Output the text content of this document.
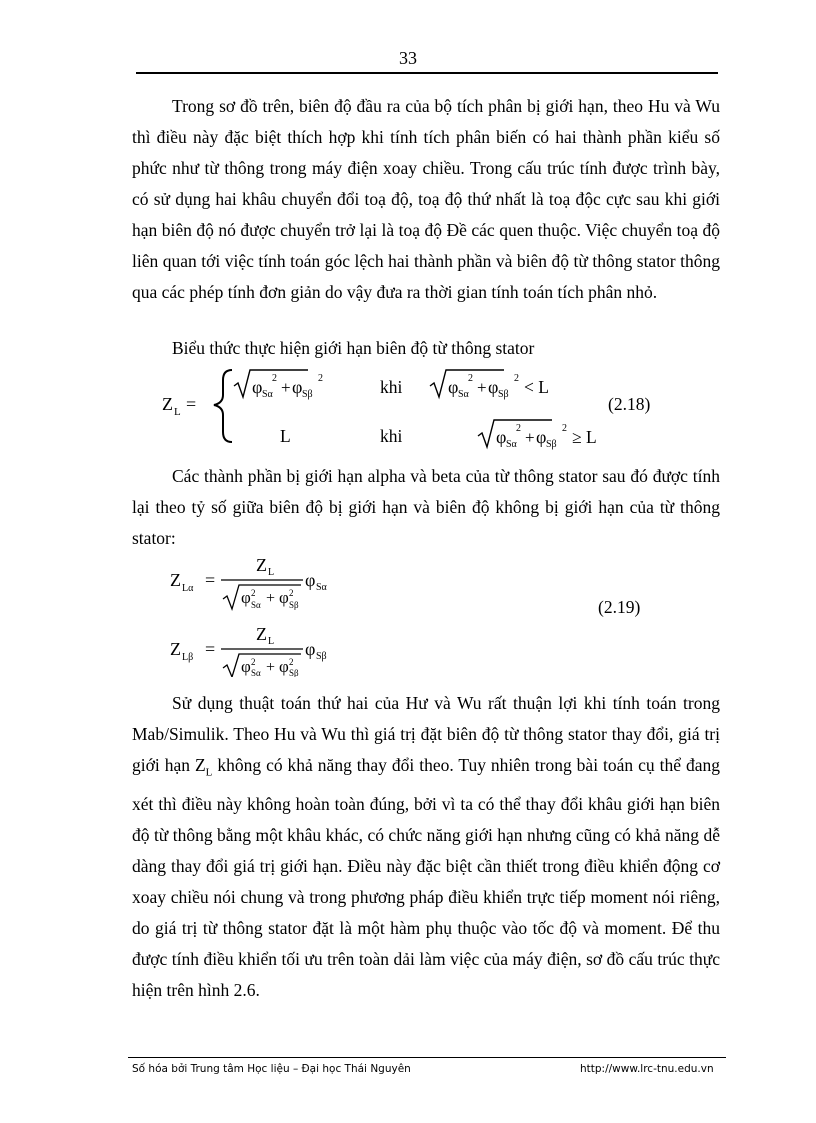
33

Trong sơ đồ trên, biên độ đầu ra của bộ tích phân bị giới hạn, theo Hu và Wu thì điều này đặc biệt thích hợp khi tính tích phân biến có hai thành phần kiểu số phức như từ thông trong máy điện xoay chiều. Trong cấu trúc tính được trình bày, có sử dụng hai khâu chuyển đổi toạ độ, toạ độ thứ nhất là toạ độc cực sau khi giới hạn biên độ nó được chuyển trở lại là toạ độ Đề các quen thuộc. Việc chuyển toạ độ liên quan tới việc tính toán góc lệch hai thành phần và biên độ từ thông stator thông qua các phép tính đơn giản do vậy đưa ra thời gian tính toán tích phân nhỏ.

Biểu thức thực hiện giới hạn biên độ từ thông stator

Z L =
φ Sα
2 + φ Sβ
2	khi	φ Sα
2 + φ Sβ
2 < L
L	khi	φ Sα
2 + φ Sβ
2 ≥ L
(2.18)

Các thành phần bị giới hạn alpha và beta của từ thông stator sau đó được tính lại theo tỷ số giữa biên độ bị giới hạn và biên độ không bị giới hạn của từ thông stator:

Z Lα =
Z L
φ 2
Sα + φ 2
Sβ
φ Sα
Z Lβ =
Z L
φ 2
Sα + φ 2
Sβ
φ Sβ
(2.19)

Sử dụng thuật toán thứ hai của Hư và Wu rất thuận lợi khi tính toán trong Mab/Simulik. Theo Hu và Wu thì giá trị đặt biên độ từ thông stator thay đổi, giá trị giới hạn $Z_L$ không có khả năng thay đổi theo. Tuy nhiên trong bài toán cụ thể đang xét thì điều này không hoàn toàn đúng, bởi vì ta có thể thay đổi khâu giới hạn biên độ từ thông bằng một khâu khác, có chức năng giới hạn nhưng cũng có khả năng dễ dàng thay đổi giá trị giới hạn. Điều này đặc biệt cần thiết trong điều khiển động cơ xoay chiều nói chung và trong phương pháp điều khiển trực tiếp moment nói riêng, do giá trị từ thông stator đặt là một hàm phụ thuộc vào tốc độ và moment. Để thu được tính điều khiển tối ưu trên toàn dải làm việc của máy điện, sơ đồ cấu trúc thực hiện trên hình 2.6.

Số hóa bởi Trung tâm Học liệu – Đại học Thái Nguyên	http://www.lrc-tnu.edu.vn
